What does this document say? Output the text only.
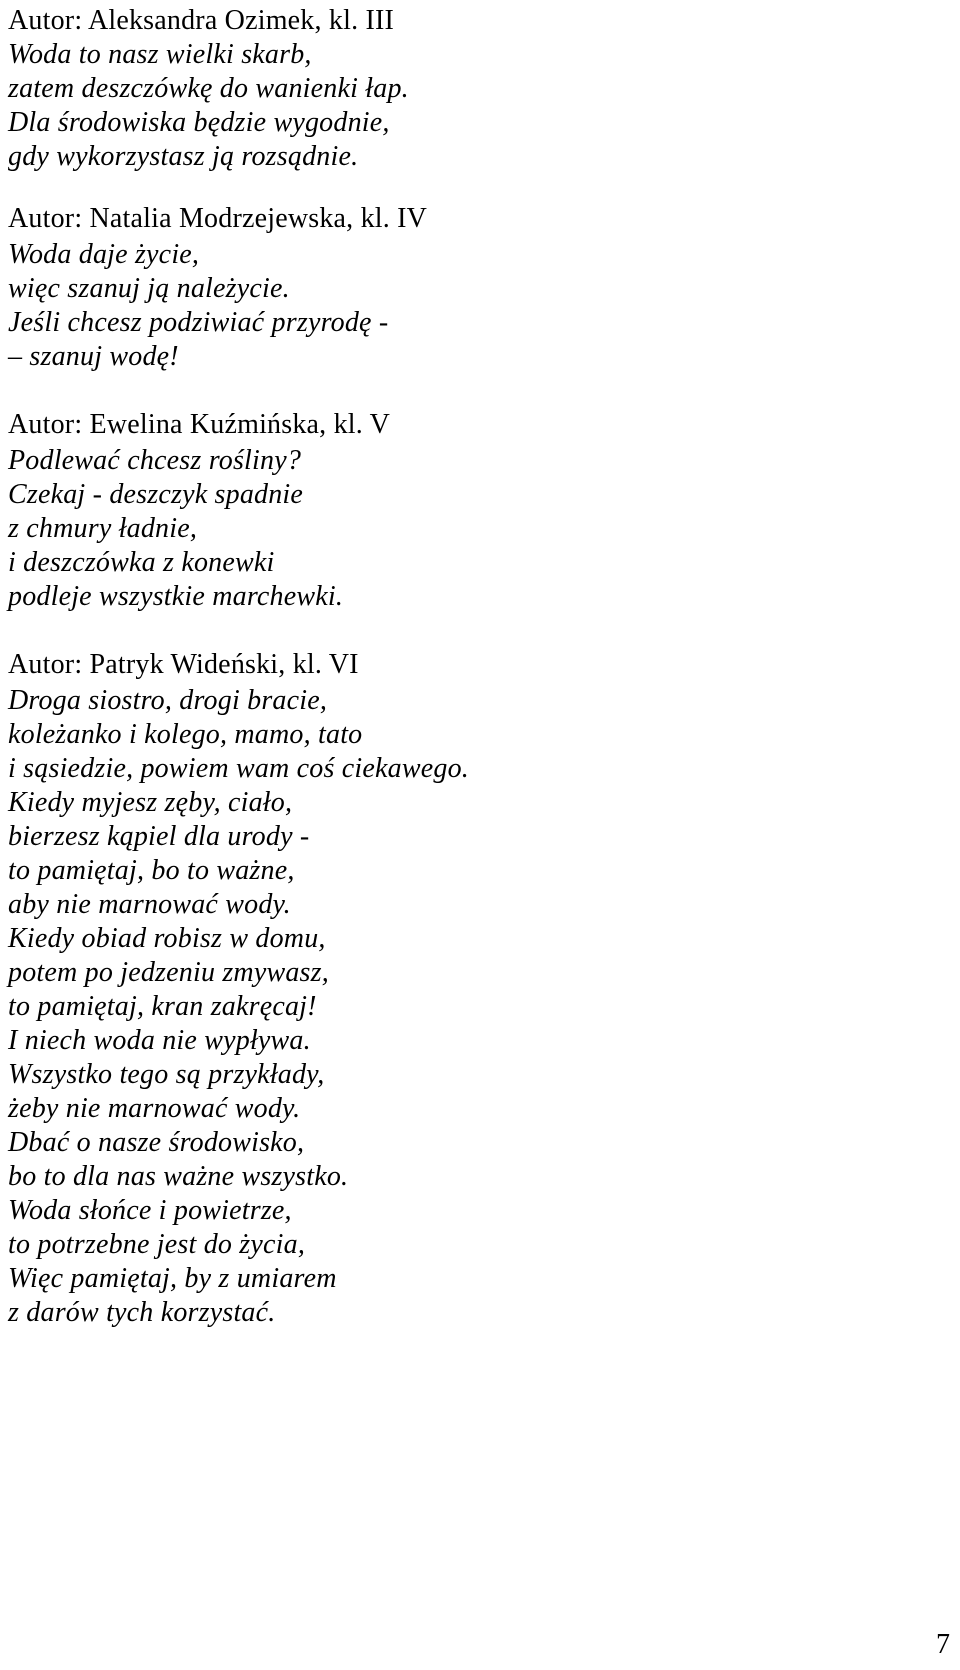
Autor: Aleksandra Ozimek, kl. III
Woda to nasz wielki skarb,
zatem deszczówkę do wanienki łap.
Dla środowiska będzie wygodnie,
gdy wykorzystasz ją rozsądnie.
Autor: Natalia Modrzejewska, kl. IV
Woda daje życie,
więc szanuj ją należycie.
Jeśli chcesz podziwiać przyrodę -
– szanuj wodę!
Autor: Ewelina Kuźmińska, kl. V
Podlewać chcesz rośliny?
Czekaj - deszczyk spadnie
z chmury ładnie,
i deszczówka z konewki
podleje wszystkie marchewki.
Autor: Patryk Wideński, kl. VI
Droga siostro, drogi bracie,
koleżanko i kolego, mamo, tato
i sąsiedzie, powiem wam coś ciekawego.
Kiedy myjesz zęby, ciało,
bierzesz kąpiel dla urody -
to pamiętaj, bo to ważne,
aby nie marnować wody.
Kiedy obiad robisz w domu,
potem po jedzeniu zmywasz,
to pamiętaj, kran zakręcaj!
I niech woda nie wypływa.
Wszystko tego są przykłady,
żeby nie marnować wody.
Dbać o nasze środowisko,
bo to dla nas ważne wszystko.
Woda słońce i powietrze,
to potrzebne jest do życia,
Więc pamiętaj, by z umiarem
z darów tych korzystać.
7
